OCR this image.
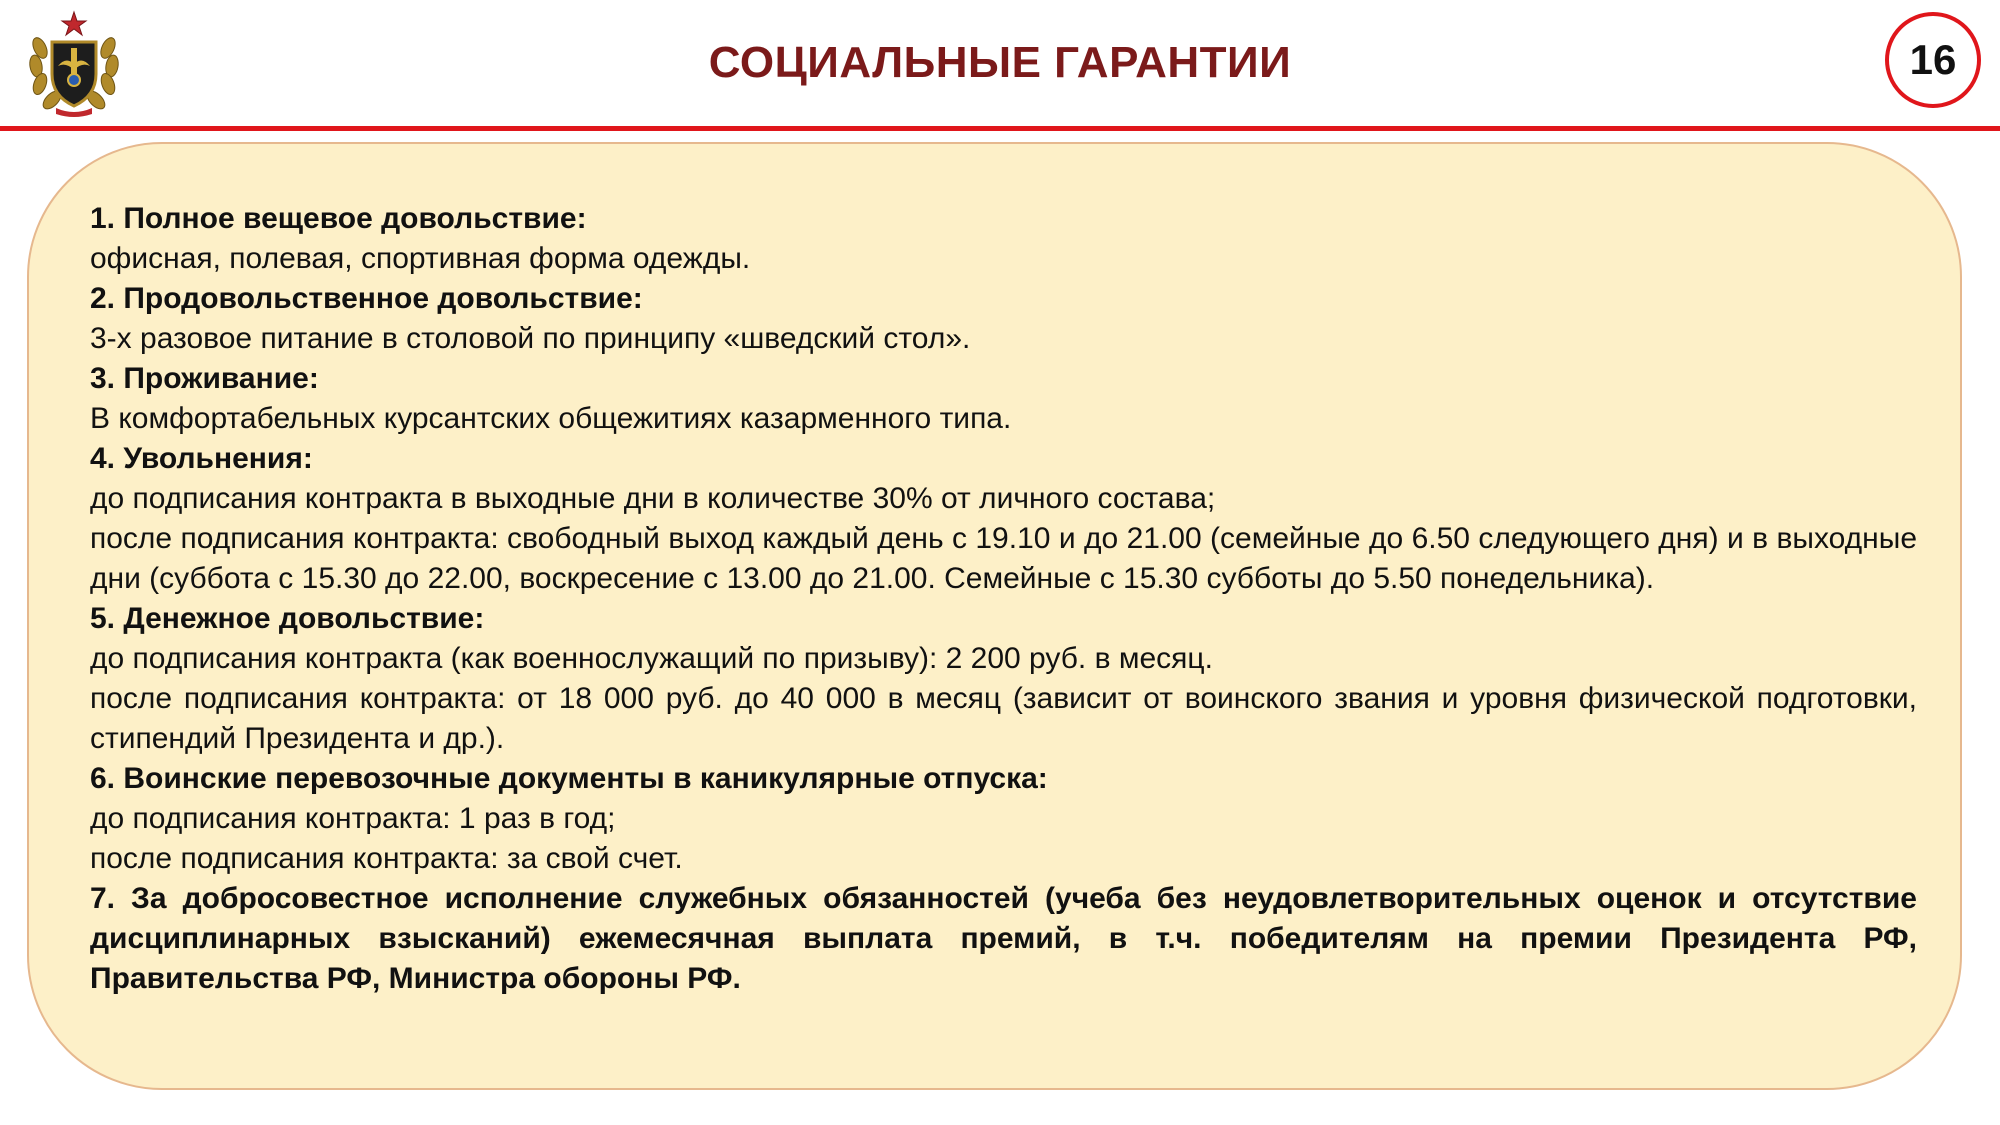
СОЦИАЛЬНЫЕ ГАРАНТИИ	16
1. Полное вещевое довольствие:
офисная, полевая, спортивная форма одежды.
2. Продовольственное довольствие:
3-х разовое питание в столовой по принципу «шведский стол».
3. Проживание:
В комфортабельных курсантских общежитиях казарменного типа.
4. Увольнения:
до подписания контракта в выходные дни в количестве 30% от личного состава;
после подписания контракта: свободный выход каждый день с 19.10 и до 21.00 (семейные до 6.50 следующего дня) и в выходные дни (суббота с 15.30 до 22.00, воскресение с 13.00 до 21.00. Семейные с 15.30 субботы до 5.50 понедельника).
5. Денежное довольствие:
до подписания контракта (как военнослужащий по призыву): 2 200 руб. в месяц.
после подписания контракта: от 18 000 руб. до 40 000 в месяц (зависит от воинского звания и уровня физической подготовки, стипендий Президента и др.).
6. Воинские перевозочные документы в каникулярные отпуска:
до подписания контракта: 1 раз в год;
после подписания контракта: за свой счет.
7. За добросовестное исполнение служебных обязанностей (учеба без неудовлетворительных оценок и отсутствие дисциплинарных взысканий) ежемесячная выплата премий, в т.ч. победителям на премии Президента РФ, Правительства РФ, Министра обороны РФ.
